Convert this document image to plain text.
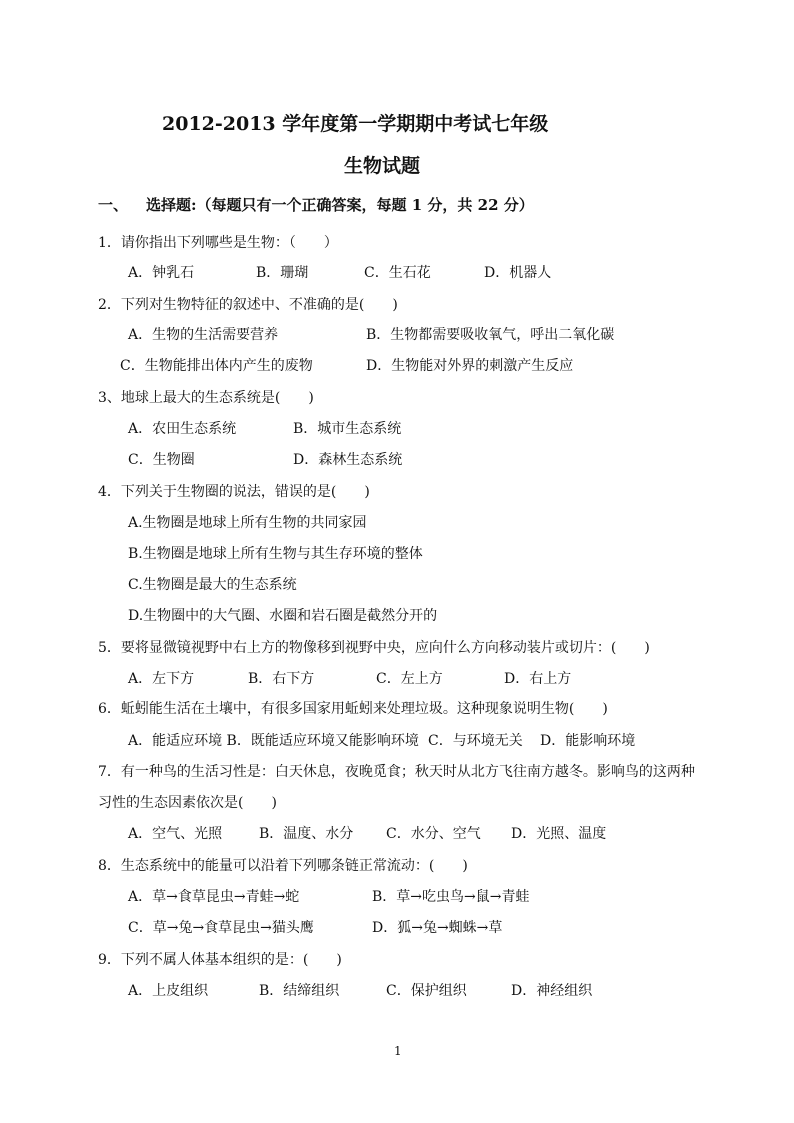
2012-2013 学年度第一学期期中考试七年级
生物试题
一、 选择题:（每题只有一个正确答案，每题 1 分，共 22 分）
1．请你指出下列哪些是生物：（　　）
A．钟乳石	B．珊瑚	C．生石花	D．机器人
2．下列对生物特征的叙述中、不准确的是(　　)
A．生物的生活需要营养	B．生物都需要吸收氧气，呼出二氧化碳
C．生物能排出体内产生的废物	D．生物能对外界的刺激产生反应
3、地球上最大的生态系统是(　　)
A．农田生态系统	B．城市生态系统
C．生物圈	D．森林生态系统
4．下列关于生物圈的说法，错误的是(　　)
A.生物圈是地球上所有生物的共同家园
B.生物圈是地球上所有生物与其生存环境的整体
C.生物圈是最大的生态系统
D.生物圈中的大气圈、水圈和岩石圈是截然分开的
5．要将显微镜视野中右上方的物像移到视野中央，应向什么方向移动装片或切片：(　　)
A．左下方	B．右下方	C．左上方	D．右上方
6．蚯蚓能生活在土壤中，有很多国家用蚯蚓来处理垃圾。这种现象说明生物(　　)
A．能适应环境 B．既能适应环境又能影响环境 C．与环境无关 D．能影响环境
7．有一种鸟的生活习性是：白天休息，夜晚觅食；秋天时从北方飞往南方越冬。影响鸟的这两种
习性的生态因素依次是(　　)
A．空气、光照	B．温度、水分 C．水分、空气 D．光照、温度
8．生态系统中的能量可以沿着下列哪条链正常流动：(　　)
A．草→食草昆虫→青蛙→蛇	B．草→吃虫鸟→鼠→青蛙
C．草→兔→食草昆虫→猫头鹰	D．狐→兔→蜘蛛→草
9．下列不属人体基本组织的是：(　　)
A．上皮组织	B．结缔组织	C．保护组织	D．神经组织
1
